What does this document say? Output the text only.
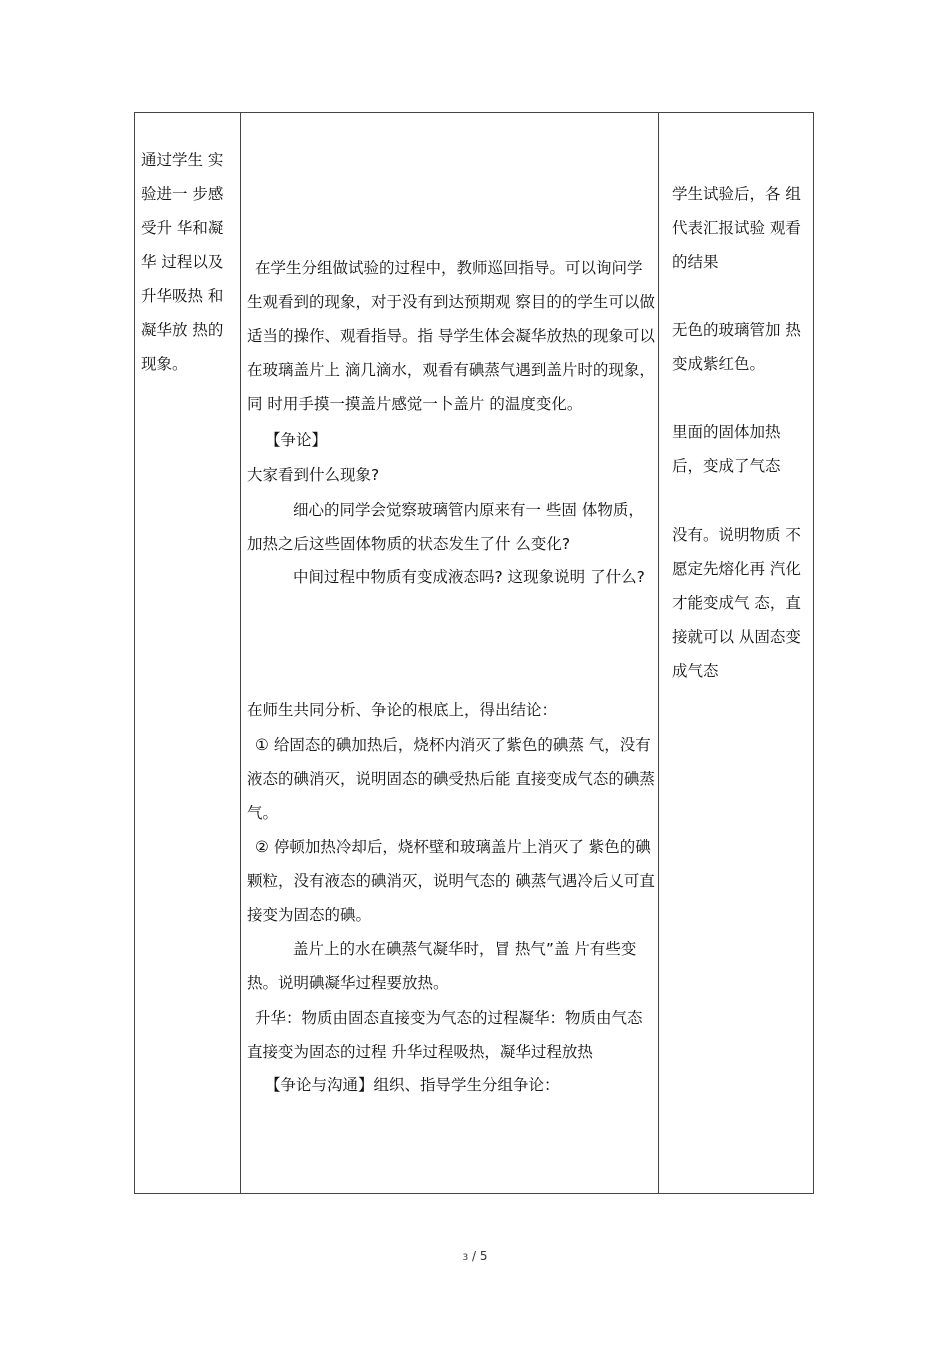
通过学生 实验进一 步感受升 华和凝华 过程以及 升华吸热 和凝华放 热的现象。
在学生分组做试验的过程中，教师巡回指导。可以询问学生观看到的现象，对于没有到达预期观 察目的的学生可以做适当的操作、观看指导。指 导学生体会凝华放热的现象可以在玻璃盖片上 滴几滴水，观看有碘蒸气遇到盖片时的现象，同 时用手摸一摸盖片感觉一卜盖片 的温度变化。
【争论】
大家看到什么现象?
细心的同学会觉察玻璃管内原来有一 些固 体物质，加热之后这些固体物质的状态发生了什 么变化?
中间过程中物质有变成液态吗? 这现象说明 了什么?
在师生共同分析、争论的根底上，得出结论：
① 给固态的碘加热后，烧杯内消灭了紫色的碘蒸 气，没有液态的碘消灭，说明固态的碘受热后能 直接变成气态的碘蒸气。
② 停顿加热冷却后，烧杯壁和玻璃盖片上消灭了 紫色的碘颗粒，没有液态的碘消灭，说明气态的 碘蒸气遇冷后乂可直接变为固态的碘。
盖片上的水在碘蒸气凝华时，冒 热气”盖 片有些变热。说明碘凝华过程要放热。
升华：物质由固态直接变为气态的过程凝华：物质由气态直接变为固态的过程 升华过程吸热，凝华过程放热
【争论与沟通】组织、指导学生分组争论：
学生试验后，各 组代表汇报试验 观看的结果
无色的玻璃管加 热变成紫红色。
里面的固体加热 后，变成了气态
没有。说明物质 不愿定先熔化再 汽化才能变成气 态，直接就可以 从固态变成气态
3 / 5
